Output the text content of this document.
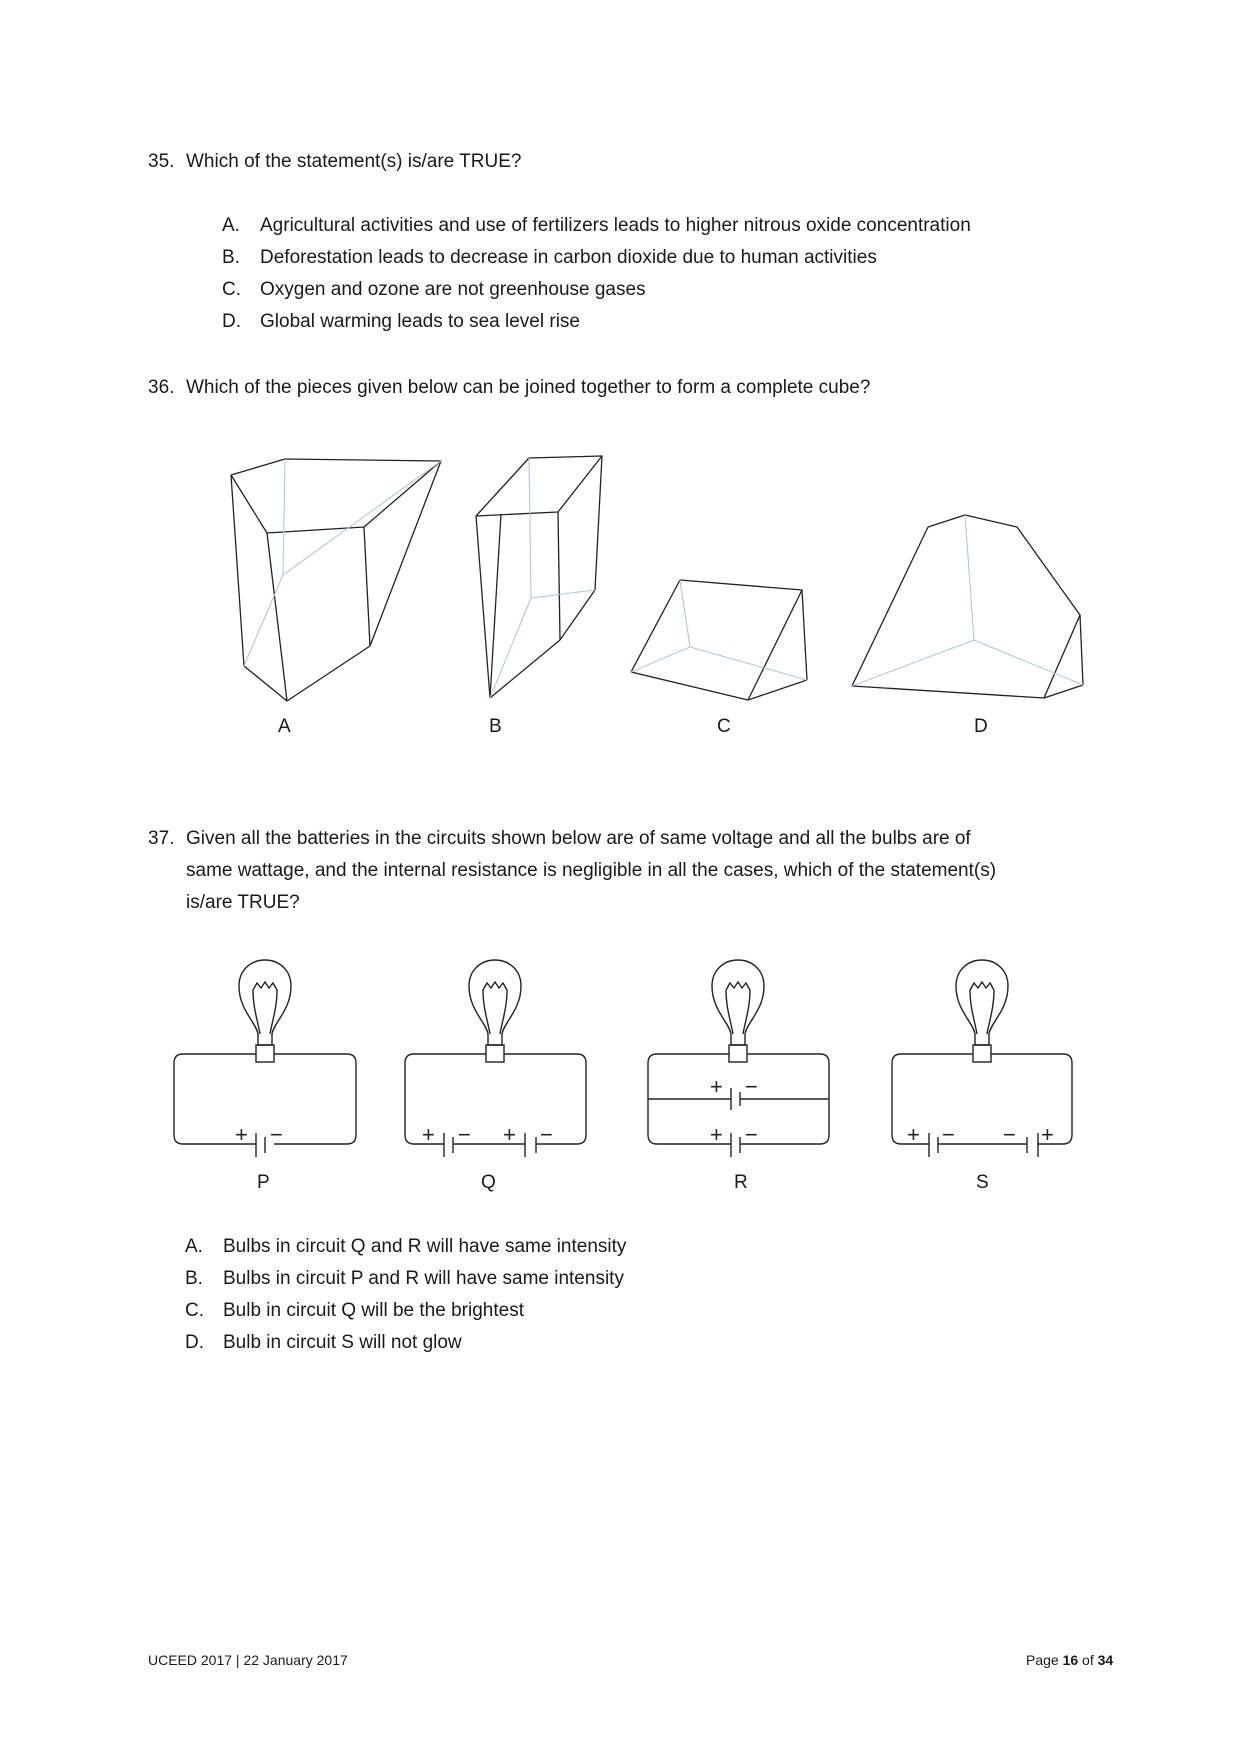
35. Which of the statement(s) is/are TRUE?
A. Agricultural activities and use of fertilizers leads to higher nitrous oxide concentration
B. Deforestation leads to decrease in carbon dioxide due to human activities
C. Oxygen and ozone are not greenhouse gases
D. Global warming leads to sea level rise
36. Which of the pieces given below can be joined together to form a complete cube?
A	B	C	D
37. Given all the batteries in the circuits shown below are of same voltage and all the bulbs are of
same wattage, and the internal resistance is negligible in all the cases, which of the statement(s)
is/are TRUE?
+ −	+ − + −
+ −
+ −	+ − − +
P	Q	R	S
A. Bulbs in circuit Q and R will have same intensity
B. Bulbs in circuit P and R will have same intensity
C. Bulb in circuit Q will be the brightest
D. Bulb in circuit S will not glow
UCEED 2017 | 22 January 2017	Page 16 of 34
